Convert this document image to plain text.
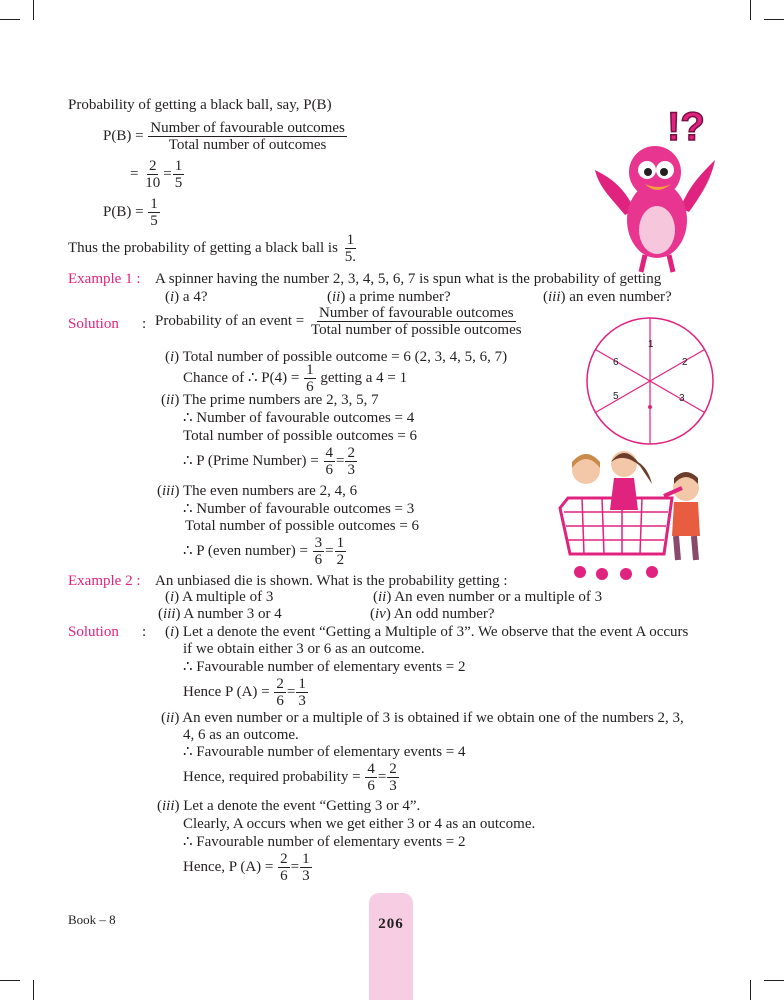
Probability of getting a black ball, say, P(B)
$P(B) = \frac{\text{Number of favourable outcomes}}{\text{Total number of outcomes}}$
= $\frac{2}{10} = \frac{1}{5}$
$P(B) = \frac{1}{5}$
Thus the probability of getting a black ball is $\frac{1}{5.}$
!?
Example 1 : A spinner having the number 2, 3, 4, 5, 6, 7 is spun what is the probability of getting
(i) a 4?	(ii) a prime number?	(iii) an even number?
Solution : Probability of an event = $\frac{\text{Number of favourable outcomes}}{\text{Total number of possible outcomes}}$
(i) Total number of possible outcome = 6 (2, 3, 4, 5, 6, 7)
Chance of ∴ $P(4) = \frac{1}{6}$ getting a 4 = 1
(ii) The prime numbers are 2, 3, 5, 7
∴ Number of favourable outcomes = 4
Total number of possible outcomes = 6
∴ P (Prime Number) = $\frac{4}{6} = \frac{2}{3}$
(iii) The even numbers are 2, 4, 6
∴ Number of favourable outcomes = 3
Total number of possible outcomes = 6
∴ P (even number) = $\frac{3}{6} = \frac{1}{2}$
1
2
3
5
6
Example 2 : An unbiased die is shown. What is the probability getting :
(i) A multiple of 3	(ii) An even number or a multiple of 3
(iii) A number 3 or 4	(iv) An odd number?
Solution : (i) Let a denote the event “Getting a Multiple of 3”. We observe that the event A occurs
if we obtain either 3 or 6 as an outcome.
∴ Favourable number of elementary events = 2
Hence P $(A) = \frac{2}{6} = \frac{1}{3}$
(ii) An even number or a multiple of 3 is obtained if we obtain one of the numbers 2, 3,
4, 6 as an outcome.
∴ Favourable number of elementary events = 4
Hence, required probability = $\frac{4}{6} = \frac{2}{3}$
(iii) Let a denote the event “Getting 3 or 4”.
Clearly, A occurs when we get either 3 or 4 as an outcome.
∴ Favourable number of elementary events = 2
Hence, P $(A) = \frac{2}{6} = \frac{1}{3}$
Book – 8	206
